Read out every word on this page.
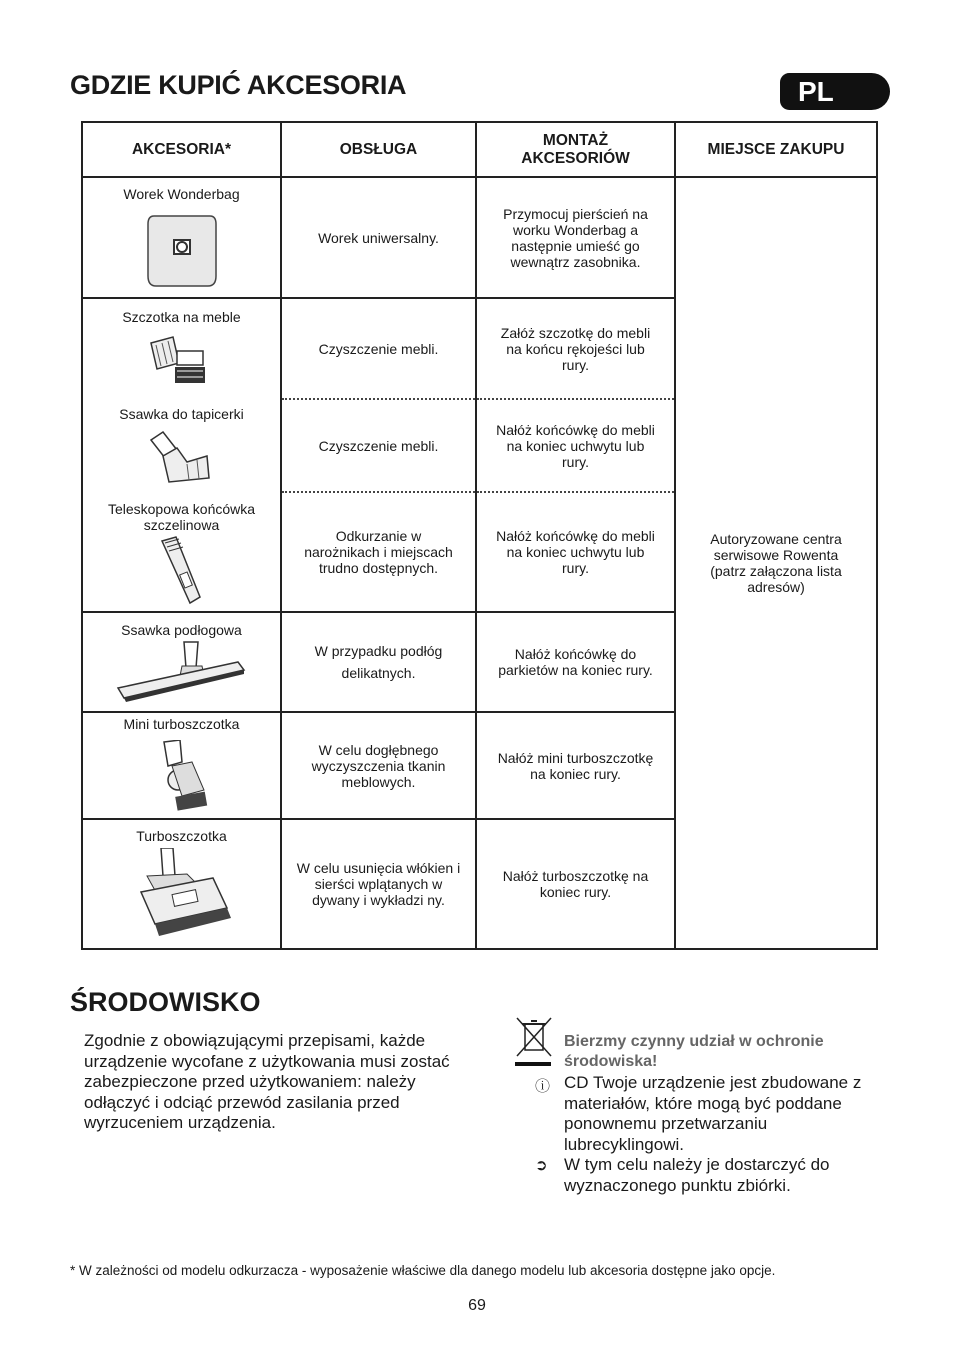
GDZIE KUPIĆ AKCESORIA	PL
AKCESORIA*	OBSŁUGA	MONTAŻ AKCESORIÓW	MIEJSCE ZAKUPU

Worek Wonderbag	Worek uniwersalny.	Przymocuj pierścień na worku Wonderbag a następnie umieść go wewnątrz zasobnika.	Autoryzowane centra serwisowe Rowenta (patrz załączona lista adresów)

Szczotka na meble	Czyszczenie mebli.	Załóż szczotkę do mebli na końcu rękojeści lub rury.	

Ssawka do tapicerki	Czyszczenie mebli.	Nałóż końcówkę do mebli na koniec uchwytu lub rury.	

Teleskopowa końcówka szczelinowa	Odkurzanie w narożnikach i miejscach trudno dostępnych.	Nałóż końcówkę do mebli na koniec uchwytu lub rury.	

Ssawka podłogowa	W przypadku podłóg delikatnych.	Nałóż końcówkę do parkietów na koniec rury.	

Mini turboszczotka	W celu dogłębnego wyczyszczenia tkanin meblowych.	Nałóż mini turboszczotkę na koniec rury.	

Turboszczotka	W celu usunięcia włókien i sierści wplątanych w dywany i wykładzi ny.	Nałóż turboszczotkę na koniec rury.	
ŚRODOWISKO
Zgodnie z obowiązującymi przepisami, każde urządzenie wycofane z użytkowania musi zostać zabezpieczone przed użytkowaniem: należy odłączyć i odciąć przewód zasilania przed wyrzuceniem urządzenia.
Bierzmy czynny udział w ochronie środowiska!
CD Twoje urządzenie jest zbudowane z materiałów, które mogą być poddane ponownemu przetwarzaniu lubrecyklingowi.
W tym celu należy je dostarczyć do wyznaczonego punktu zbiórki.
ⓘ
➲
* W zależności od modelu odkurzacza - wyposażenie właściwe dla danego modelu lub akcesoria dostępne jako opcje.
69
